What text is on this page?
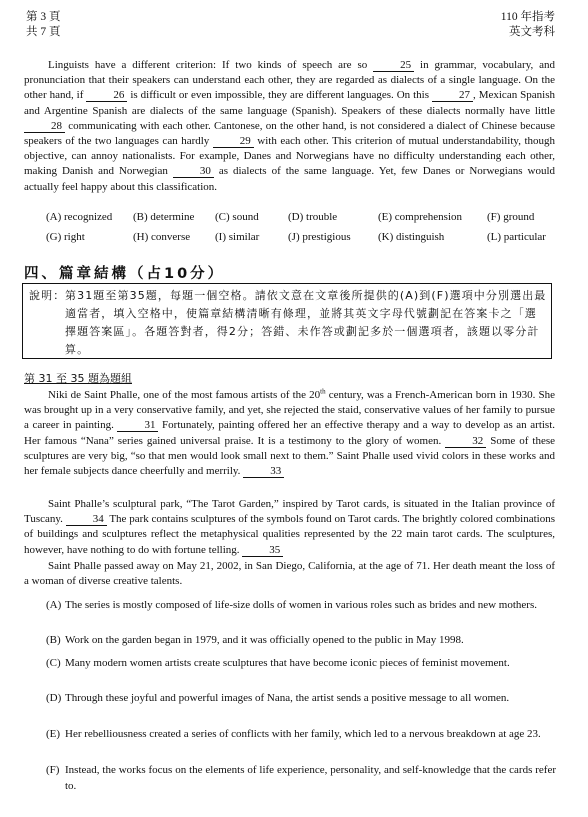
第 3 頁
共 7 頁
110 年指考
英文考科
Linguists have a different criterion: If two kinds of speech are so	25 in grammar, vocabulary, and pronunciation that their speakers can understand each other, they are regarded as dialects of a single language. On the other hand, if	26 is difficult or even impossible, they are different languages. On this	27 , Mexican Spanish and Argentine Spanish are dialects of the same language (Spanish). Speakers of these dialects normally have little 28 communicating with each other. Cantonese, on the other hand, is not considered a dialect of Chinese because speakers of the two languages can hardly	29 with each other. This criterion of mutual understandability, though objective, can annoy nationalists. For example, Danes and Norwegians have no difficulty understanding each other, making Danish and Norwegian	30 as dialects of the same language. Yet, few Danes or Norwegians would actually feel happy about this classification.
(A) recognized	(B) determine	(C) sound	(D) trouble	(E) comprehension	(F) ground
(G) right	(H) converse	(I) similar	(J) prestigious	(K) distinguish	(L) particular
四、篇章結構（占10分）
說明： 第31題至第35題，每題一個空格。請依文意在文章後所提供的(A)到(F)選項中分別選出最適當者，填入空格中，使篇章結構清晰有條理，並將其英文字母代號劃記在答案卡之「選擇題答案區」。各題答對者，得2分；答錯、未作答或劃記多於一個選項者，該題以零分計算。
第 31 至 35 題為題組
Niki de Saint Phalle, one of the most famous artists of the 20th century, was a French-American born in 1930. She was brought up in a very conservative family, and yet, she rejected the staid, conservative values of her family to pursue a career in painting.	31 Fortunately, painting offered her an effective therapy and a way to develop as an artist. Her famous “Nana” series gained universal praise. It is a testimony to the glory of women.	32 Some of these sculptures are very big, “so that men would look small next to them.” Saint Phalle used vivid colors in these works and her female subjects dance cheerfully and merrily.	33
Saint Phalle’s sculptural park, “The Tarot Garden,” inspired by Tarot cards, is situated in the Italian province of Tuscany.	34 The park contains sculptures of the symbols found on Tarot cards. The brightly colored combinations of buildings and sculptures reflect the metaphysical qualities represented by the 22 main tarot cards. The sculptures, however, have nothing to do with fortune telling.	35
Saint Phalle passed away on May 21, 2002, in San Diego, California, at the age of 71. Her death meant the loss of a woman of diverse creative talents.
(A) The series is mostly composed of life-size dolls of women in various roles such as brides and new mothers.
(B) Work on the garden began in 1979, and it was officially opened to the public in May 1998.
(C) Many modern women artists create sculptures that have become iconic pieces of feminist movement.
(D) Through these joyful and powerful images of Nana, the artist sends a positive message to all women.
(E) Her rebelliousness created a series of conflicts with her family, which led to a nervous breakdown at age 23.
(F) Instead, the works focus on the elements of life experience, personality, and self-knowledge that the cards refer to.
